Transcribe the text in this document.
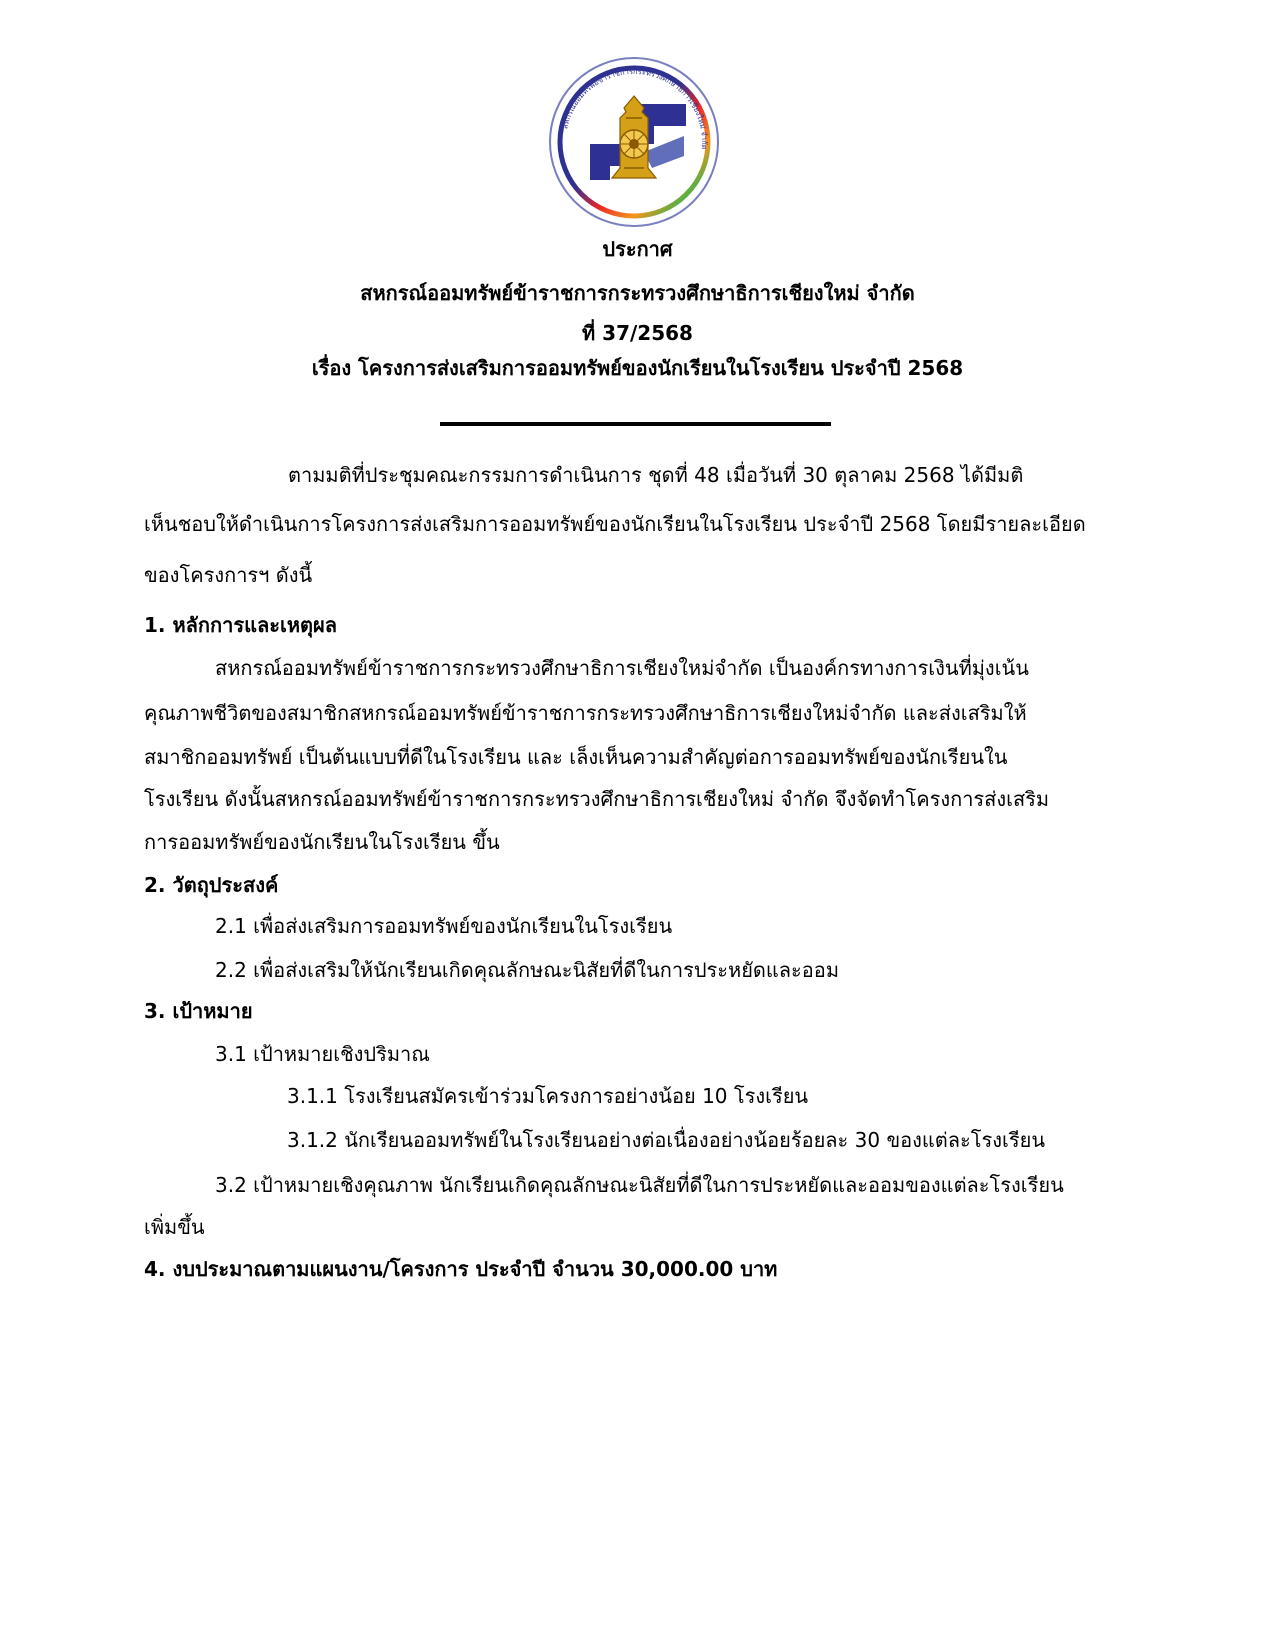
สหกรณ์ออมทรัพย์ข้าราชการกระทรวงศึกษาธิการเชียงใหม่ จำกัด
ประกาศ
สหกรณ์ออมทรัพย์ข้าราชการกระทรวงศึกษาธิการเชียงใหม่ จำกัด
ที่ 37/2568
เรื่อง โครงการส่งเสริมการออมทรัพย์ของนักเรียนในโรงเรียน ประจำปี 2568
ตามมติที่ประชุมคณะกรรมการดำเนินการ ชุดที่ 48 เมื่อวันที่ 30 ตุลาคม 2568 ได้มีมติ
เห็นชอบให้ดำเนินการโครงการส่งเสริมการออมทรัพย์ของนักเรียนในโรงเรียน ประจำปี 2568 โดยมีรายละเอียด
ของโครงการฯ ดังนี้
1. หลักการและเหตุผล
สหกรณ์ออมทรัพย์ข้าราชการกระทรวงศึกษาธิการเชียงใหม่จำกัด เป็นองค์กรทางการเงินที่มุ่งเน้น
คุณภาพชีวิตของสมาชิกสหกรณ์ออมทรัพย์ข้าราชการกระทรวงศึกษาธิการเชียงใหม่จำกัด และส่งเสริมให้
สมาชิกออมทรัพย์ เป็นต้นแบบที่ดีในโรงเรียน และ เล็งเห็นความสำคัญต่อการออมทรัพย์ของนักเรียนใน
โรงเรียน ดังนั้นสหกรณ์ออมทรัพย์ข้าราชการกระทรวงศึกษาธิการเชียงใหม่ จำกัด จึงจัดทำโครงการส่งเสริม
การออมทรัพย์ของนักเรียนในโรงเรียน ขึ้น
2. วัตถุประสงค์
2.1 เพื่อส่งเสริมการออมทรัพย์ของนักเรียนในโรงเรียน
2.2 เพื่อส่งเสริมให้นักเรียนเกิดคุณลักษณะนิสัยที่ดีในการประหยัดและออม
3. เป้าหมาย
3.1 เป้าหมายเชิงปริมาณ
3.1.1 โรงเรียนสมัครเข้าร่วมโครงการอย่างน้อย 10 โรงเรียน
3.1.2 นักเรียนออมทรัพย์ในโรงเรียนอย่างต่อเนื่องอย่างน้อยร้อยละ 30 ของแต่ละโรงเรียน
3.2 เป้าหมายเชิงคุณภาพ นักเรียนเกิดคุณลักษณะนิสัยที่ดีในการประหยัดและออมของแต่ละโรงเรียน
เพิ่มขึ้น
4. งบประมาณตามแผนงาน/โครงการ ประจำปี จำนวน 30,000.00 บาท
